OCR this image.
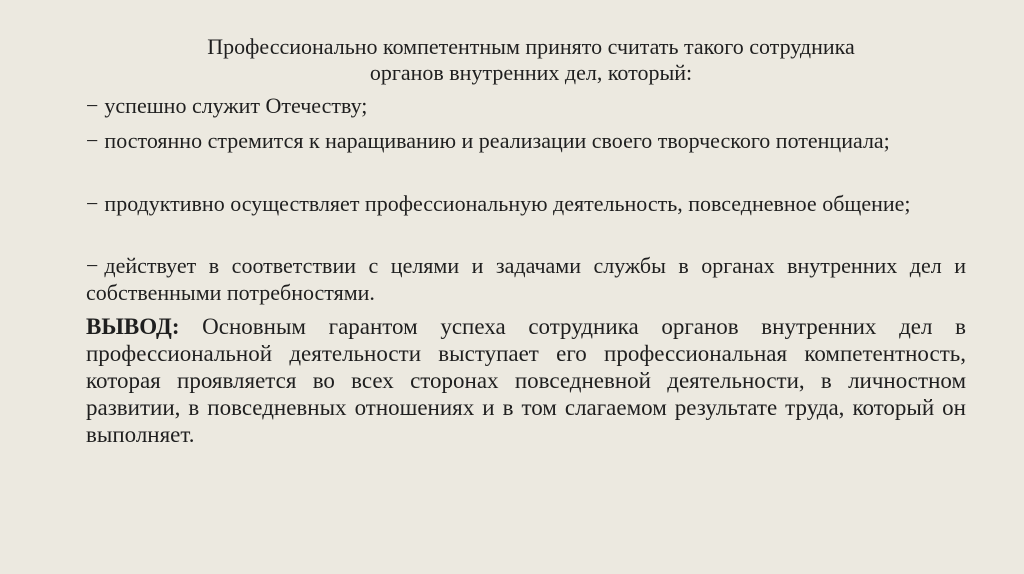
Профессионально компетентным принято считать такого сотрудника
органов внутренних дел, который:
− успешно служит Отечеству;
− постоянно стремится к наращиванию и реализации своего творческого потенциала;
− продуктивно осуществляет профессиональную деятельность, повседневное общение;
− действует в соответствии с целями и задачами службы в органах внутренних дел и собственными потребностями.
ВЫВОД: Основным гарантом успеха сотрудника органов внутренних дел в профессиональной деятельности выступает его профессиональная компетентность, которая проявляется во всех сторонах повседневной деятельности, в личностном развитии, в повседневных отношениях и в том слагаемом результате труда, который он выполняет.
